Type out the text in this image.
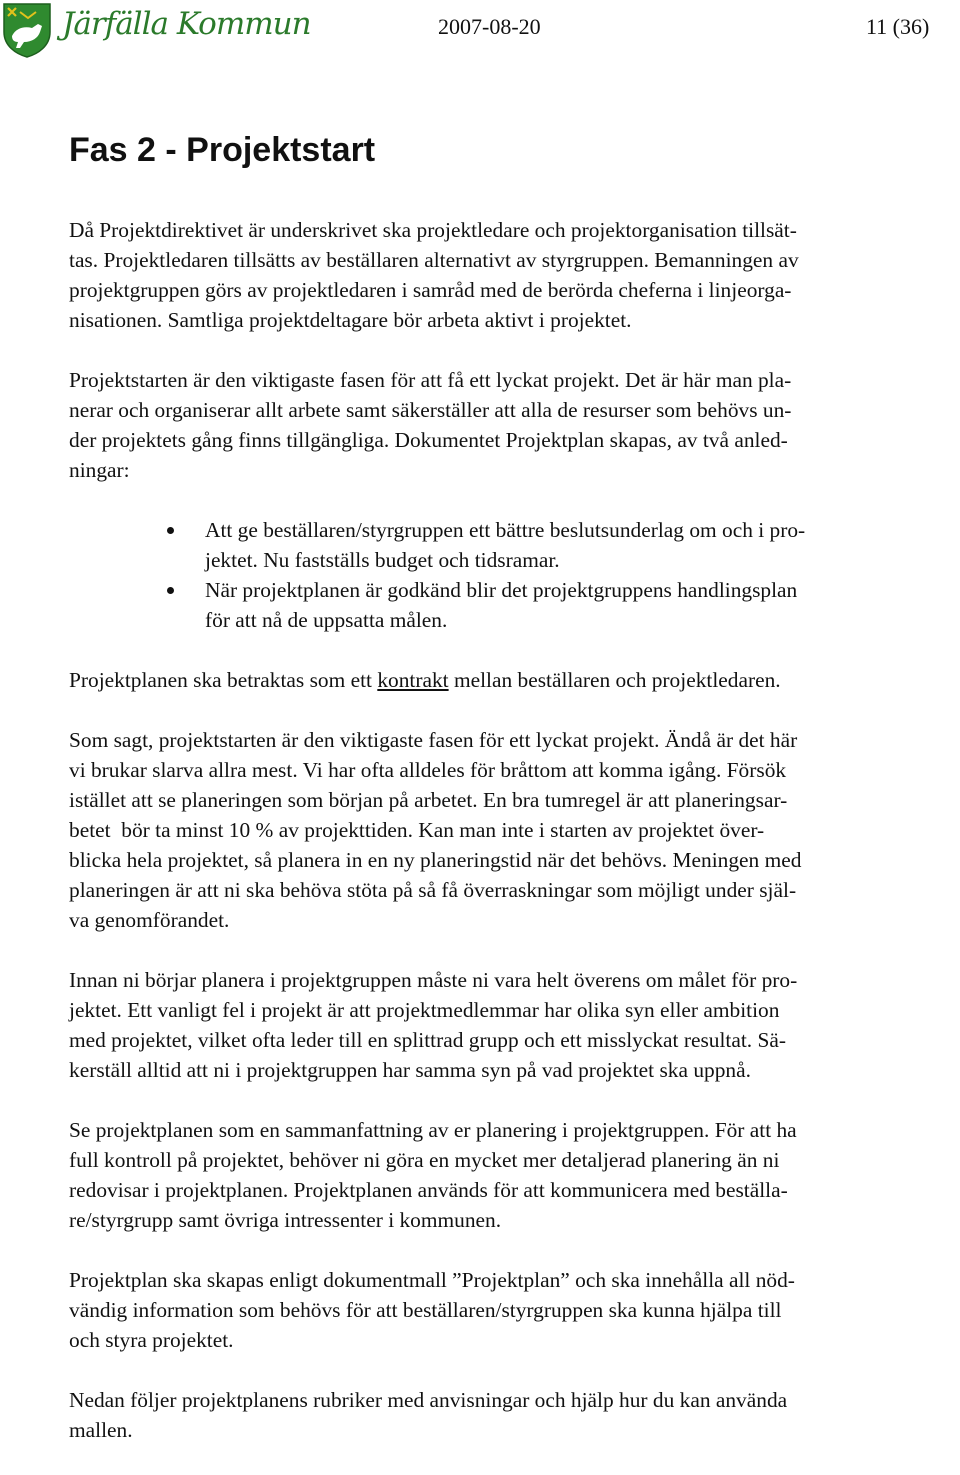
Järfälla Kommun	2007-08-20	11 (36)
Fas 2 - Projektstart

Då Projektdirektivet är underskrivet ska projektledare och projektorganisation tillsät-
tas. Projektledaren tillsätts av beställaren alternativt av styrgruppen. Bemanningen av
projektgruppen görs av projektledaren i samråd med de berörda cheferna i linjeorga-
nisationen. Samtliga projektdeltagare bör arbeta aktivt i projektet.

Projektstarten är den viktigaste fasen för att få ett lyckat projekt. Det är här man pla-
nerar och organiserar allt arbete samt säkerställer att alla de resurser som behövs un-
der projektets gång finns tillgängliga. Dokumentet Projektplan skapas, av två anled-
ningar:

Att ge beställaren/styrgruppen ett bättre beslutsunderlag om och i pro-
jektet. Nu fastställs budget och tidsramar.
När projektplanen är godkänd blir det projektgruppens handlingsplan
för att nå de uppsatta målen.

Projektplanen ska betraktas som ett kontrakt mellan beställaren och projektledaren.

Som sagt, projektstarten är den viktigaste fasen för ett lyckat projekt. Ändå är det här
vi brukar slarva allra mest. Vi har ofta alldeles för bråttom att komma igång. Försök
istället att se planeringen som början på arbetet. En bra tumregel är att planeringsar-
betet  bör ta minst 10 % av projekttiden. Kan man inte i starten av projektet över-
blicka hela projektet, så planera in en ny planeringstid när det behövs. Meningen med
planeringen är att ni ska behöva stöta på så få överraskningar som möjligt under själ-
va genomförandet.

Innan ni börjar planera i projektgruppen måste ni vara helt överens om målet för pro-
jektet. Ett vanligt fel i projekt är att projektmedlemmar har olika syn eller ambition
med projektet, vilket ofta leder till en splittrad grupp och ett misslyckat resultat. Sä-
kerställ alltid att ni i projektgruppen har samma syn på vad projektet ska uppnå.

Se projektplanen som en sammanfattning av er planering i projektgruppen. För att ha
full kontroll på projektet, behöver ni göra en mycket mer detaljerad planering än ni
redovisar i projektplanen. Projektplanen används för att kommunicera med beställa-
re/styrgrupp samt övriga intressenter i kommunen.

Projektplan ska skapas enligt dokumentmall ”Projektplan” och ska innehålla all nöd-
vändig information som behövs för att beställaren/styrgruppen ska kunna hjälpa till
och styra projektet.

Nedan följer projektplanens rubriker med anvisningar och hjälp hur du kan använda
mallen.
